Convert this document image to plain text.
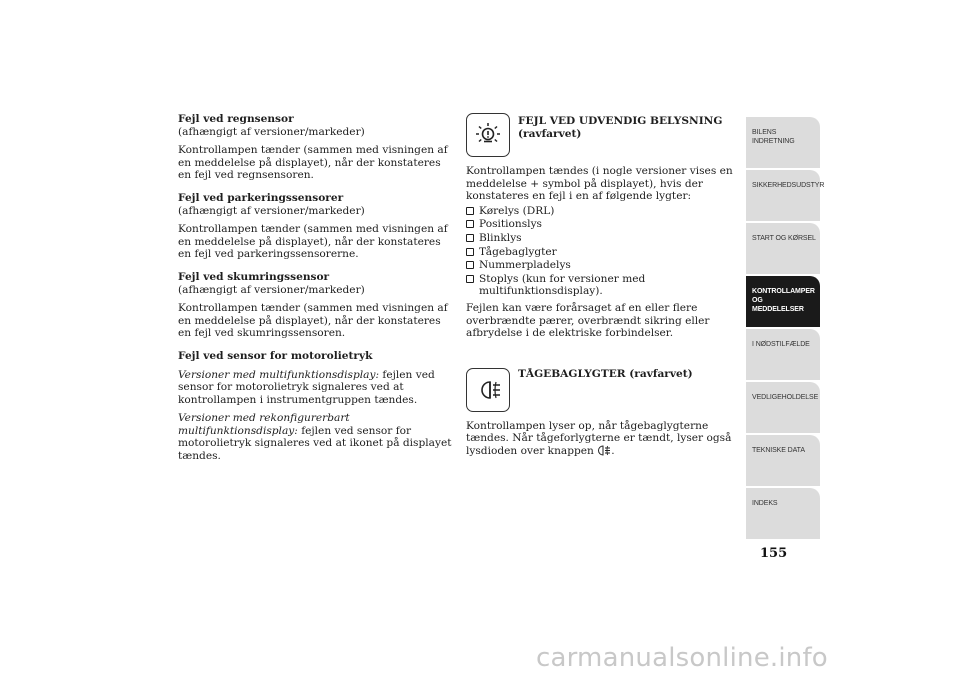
Fejl ved regnsensor

(afhængigt af versioner/markeder)

Kontrollampen tænder (sammen med visningen af en meddelelse på displayet), når der konstateres en fejl ved regnsensoren.

Fejl ved parkeringssensorer

(afhængigt af versioner/markeder)

Kontrollampen tænder (sammen med visningen af en meddelelse på displayet), når der konstateres en fejl ved parkeringssensorerne.

Fejl ved skumringssensor

(afhængigt af versioner/markeder)

Kontrollampen tænder (sammen med visningen af en meddelelse på displayet), når der konstateres en fejl ved skumringssensoren.

Fejl ved sensor for motorolietryk

Versioner med multifunktionsdisplay: fejlen ved sensor for motorolietryk signaleres ved at kontrollampen i instrumentgruppen tændes.

Versioner med rekonfigurerbart multifunktionsdisplay: fejlen ved sensor for motorolietryk signaleres ved at ikonet på displayet tændes.

FEJL VED UDVENDIG BELYSNING (ravfarvet)

Kontrollampen tændes (i nogle versioner vises en meddelelse + symbol på displayet), hvis der konstateres en fejl i en af følgende lygter:

Kørelys (DRL)
Positionslys
Blinklys
Tågebaglygter
Nummerpladelys
Stoplys (kun for versioner med multifunktionsdisplay).

Fejlen kan være forårsaget af en eller flere overbrændte pærer, overbrændt sikring eller afbrydelse i de elektriske forbindelser.

TÅGEBAGLYGTER (ravfarvet)

Kontrollampen lyser op, når tågebaglygterne tændes. Når tågeforlygterne er tændt, lyser også lysdioden over knappen .

BILENS INDRETNING
SIKKERHEDSUDSTYR
START OG KØRSEL
KONTROLLAMPER OG MEDDELELSER
I NØDSTILFÆLDE
VEDLIGEHOLDELSE
TEKNISKE DATA
INDEKS
155
carmanualsonline.info
